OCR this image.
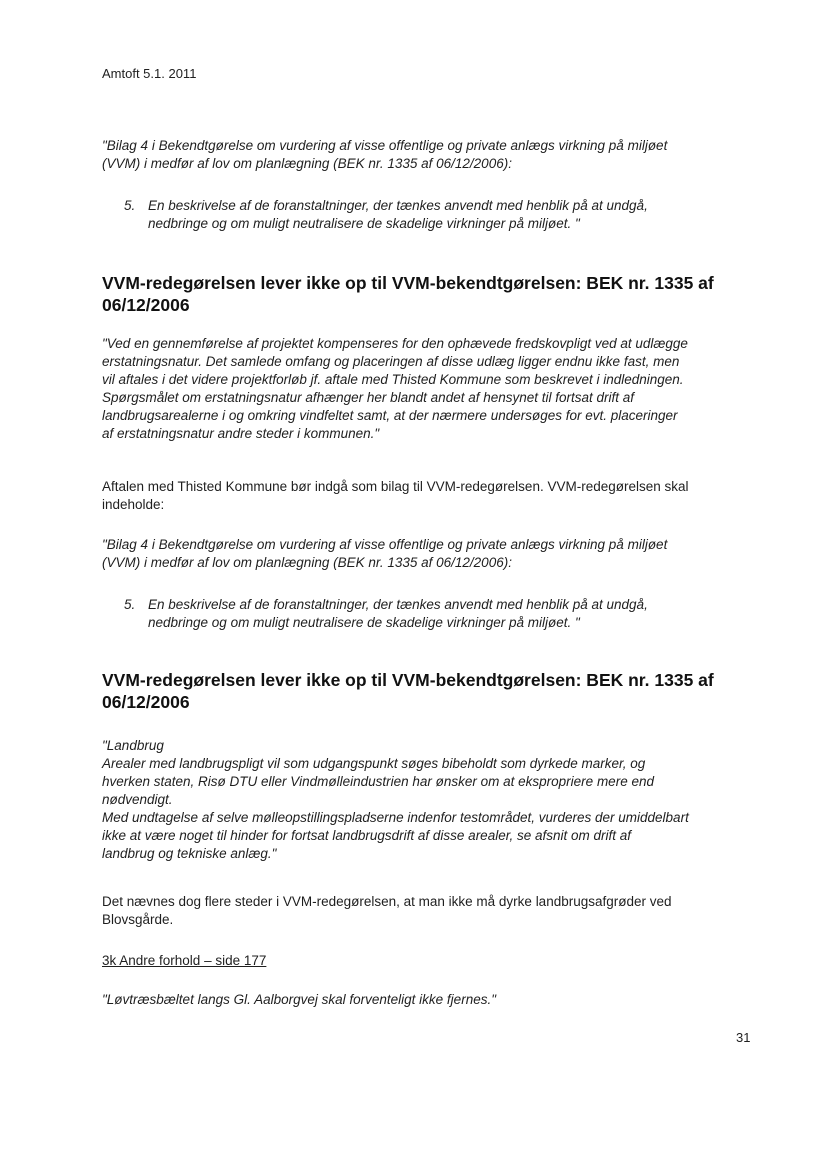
Amtoft 5.1. 2011
"Bilag 4 i Bekendtgørelse om vurdering af visse offentlige og private anlægs virkning på miljøet
(VVM) i medfør af lov om planlægning (BEK nr. 1335 af 06/12/2006):
5. En beskrivelse af de foranstaltninger, der tænkes anvendt med henblik på at undgå,
nedbringe og om muligt neutralisere de skadelige virkninger på miljøet. "
VVM-redegørelsen lever ikke op til VVM-bekendtgørelsen: BEK nr. 1335 af
06/12/2006
"Ved en gennemførelse af projektet kompenseres for den ophævede fredskovpligt ved at udlægge
erstatningsnatur. Det samlede omfang og placeringen af disse udlæg ligger endnu ikke fast, men
vil aftales i det videre projektforløb jf. aftale med Thisted Kommune som beskrevet i indledningen.
Spørgsmålet om erstatningsnatur afhænger her blandt andet af hensynet til fortsat drift af
landbrugsarealerne i og omkring vindfeltet samt, at der nærmere undersøges for evt. placeringer
af erstatningsnatur andre steder i kommunen."
Aftalen med Thisted Kommune bør indgå som bilag til VVM-redegørelsen. VVM-redegørelsen skal
indeholde:
"Bilag 4 i Bekendtgørelse om vurdering af visse offentlige og private anlægs virkning på miljøet
(VVM) i medfør af lov om planlægning (BEK nr. 1335 af 06/12/2006):
5. En beskrivelse af de foranstaltninger, der tænkes anvendt med henblik på at undgå,
nedbringe og om muligt neutralisere de skadelige virkninger på miljøet. "
VVM-redegørelsen lever ikke op til VVM-bekendtgørelsen: BEK nr. 1335 af
06/12/2006
"Landbrug
Arealer med landbrugspligt vil som udgangspunkt søges bibeholdt som dyrkede marker, og
hverken staten, Risø DTU eller Vindmølleindustrien har ønsker om at ekspropriere mere end
nødvendigt.
Med undtagelse af selve mølleopstillingspladserne indenfor testområdet, vurderes der umiddelbart
ikke at være noget til hinder for fortsat landbrugsdrift af disse arealer, se afsnit om drift af
landbrug og tekniske anlæg."
Det nævnes dog flere steder i VVM-redegørelsen, at man ikke må dyrke landbrugsafgrøder ved
Blovsgårde.
3k Andre forhold – side 177
"Løvtræsbæltet langs Gl. Aalborgvej skal forventeligt ikke fjernes."
31
